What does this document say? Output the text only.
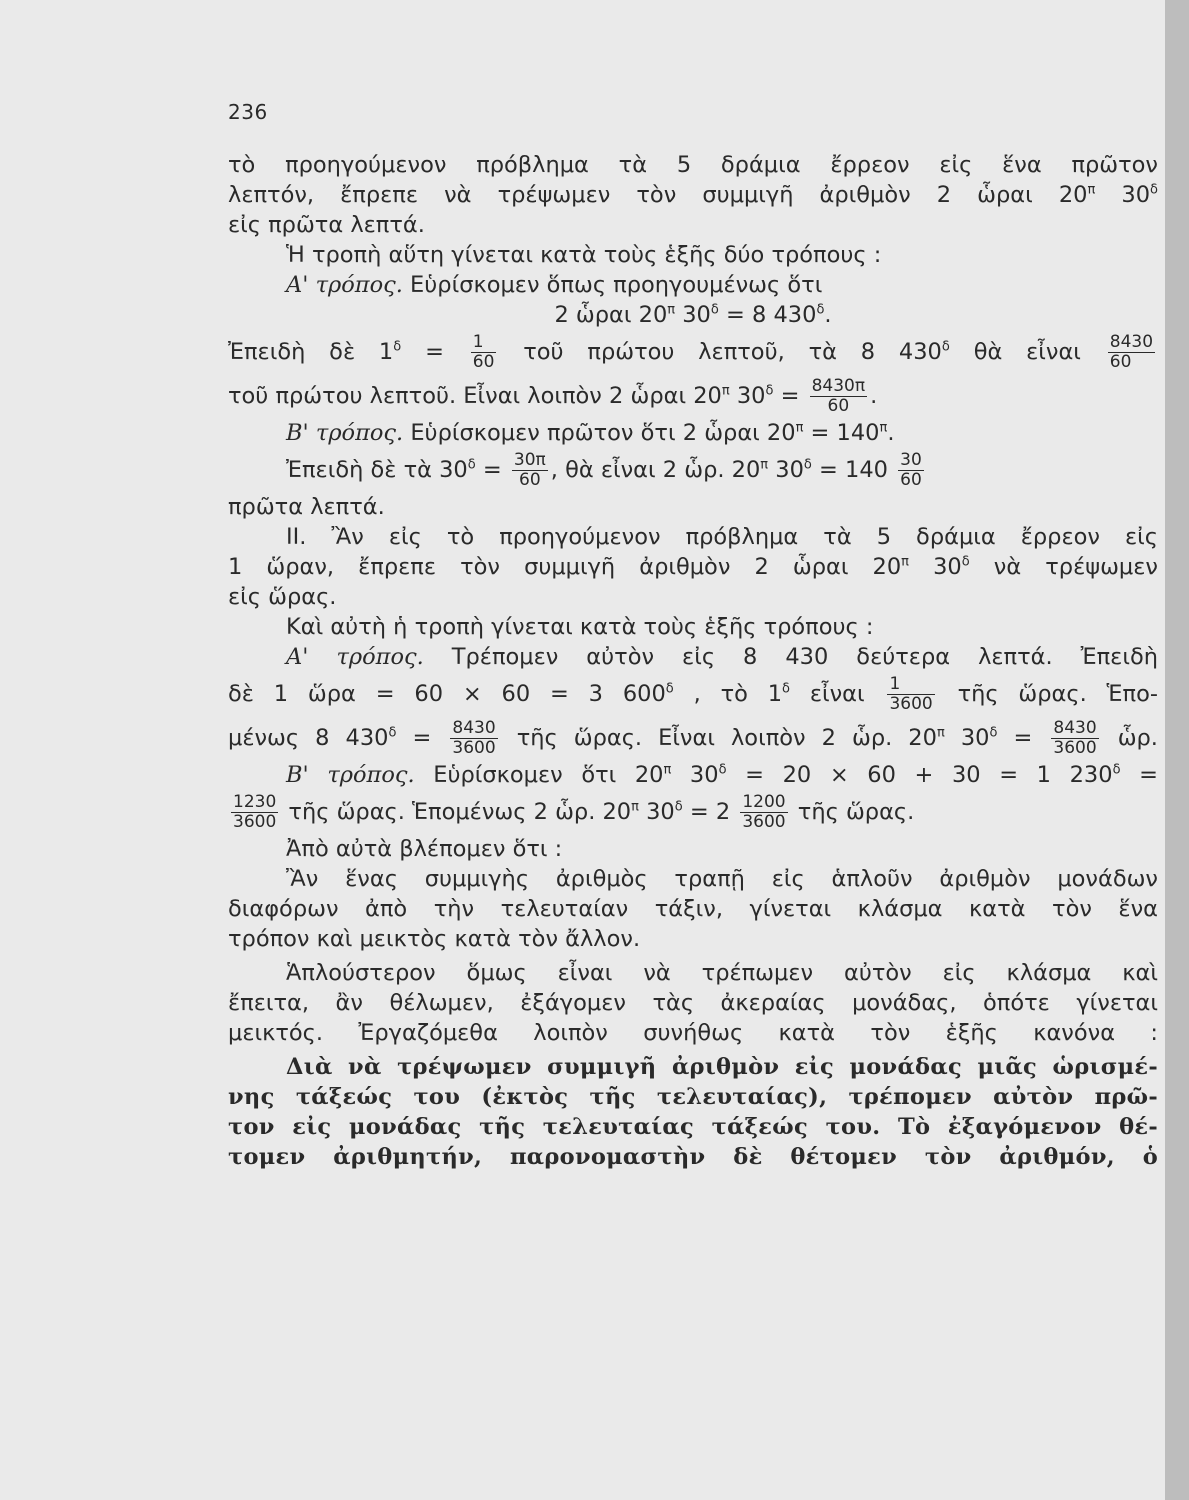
236
τὸ προηγούμενον πρόβλημα τὰ 5 δράμια ἔρρεον εἰς ἕνα πρῶτον
λεπτόν, ἔπρεπε νὰ τρέψωμεν τὸν συμμιγῆ ἀριθμὸν 2 ὧραι $20^\pi$ $30^\delta$
εἰς πρῶτα λεπτά.
Ἡ τροπὴ αὕτη γίνεται κατὰ τοὺς ἑξῆς δύο τρόπους :
Α' τρόπος. Εὑρίσκομεν ὅπως προηγουμένως ὅτι
2 ὧραι $20^\pi$ $30^\delta = 8$ $430^\delta$.
Ἐπειδὴ δὲ $1^\delta = \frac{1}{60}$ τοῦ πρώτου λεπτοῦ, τὰ 8 $430^\delta$ θὰ εἶναι $\frac{8430}{60}$
τοῦ πρώτου λεπτοῦ. Εἶναι λοιπὸν 2 ὧραι $20^\pi$ $30^\delta = \frac{8430\pi}{60}$ .
Β' τρόπος. Εὑρίσκομεν πρῶτον ὅτι 2 ὧραι $20^\pi = 140^\pi$.
Ἐπειδὴ δὲ τὰ $30^\delta = \frac{30\pi}{60}$ , θὰ εἶναι 2 ὧρ. $20^\pi$ $30^\delta = 140 \frac{30}{60}$
πρῶτα λεπτά.
ΙΙ. Ἂν εἰς τὸ προηγούμενον πρόβλημα τὰ 5 δράμια ἔρρεον εἰς
1 ὥραν, ἔπρεπε τὸν συμμιγῆ ἀριθμὸν 2 ὧραι $20^\pi$ $30^\delta$ νὰ τρέψωμεν
εἰς ὥρας.
Καὶ αὐτὴ ἡ τροπὴ γίνεται κατὰ τοὺς ἑξῆς τρόπους :
Α' τρόπος. Τρέπομεν αὐτὸν εἰς 8 430 δεύτερα λεπτά. Ἐπειδὴ
δὲ 1 ὥρα = 60 × 60 = 3 $600^\delta$ , τὸ $1^\delta$ εἶναι $\frac{1}{3600}$ τῆς ὥρας. Ἑπο-
μένως 8 $430^\delta = \frac{8430}{3600}$ τῆς ὥρας. Εἶναι λοιπὸν 2 ὧρ. $20^\pi$ $30^\delta = \frac{8430}{3600}$ ὧρ.
Β' τρόπος. Εὑρίσκομεν ὅτι $20^\pi$ $30^\delta = 20 \times 60 + 30 = 1$ $230^\delta$ =
$\frac{1230}{3600}$ τῆς ὥρας. Ἑπομένως 2 ὧρ. $20^\pi$ $30^\delta = 2 \frac{1200}{3600}$ τῆς ὥρας.
Ἀπὸ αὐτὰ βλέπομεν ὅτι :
Ἂν ἕνας συμμιγὴς ἀριθμὸς τραπῇ εἰς ἁπλοῦν ἀριθμὸν μονάδων
διαφόρων ἀπὸ τὴν τελευταίαν τάξιν, γίνεται κλάσμα κατὰ τὸν ἕνα
τρόπον καὶ μεικτὸς κατὰ τὸν ἄλλον.
Ἁπλούστερον ὅμως εἶναι νὰ τρέπωμεν αὐτὸν εἰς κλάσμα καὶ
ἔπειτα, ἂν θέλωμεν, ἐξάγομεν τὰς ἀκεραίας μονάδας, ὁπότε γίνεται
μεικτός. Ἐργαζόμεθα λοιπὸν συνήθως κατὰ τὸν ἑξῆς κανόνα :
Διὰ νὰ τρέψωμεν συμμιγῆ ἀριθμὸν εἰς μονάδας μιᾶς ὡρισμέ-
νης τάξεώς του (ἐκτὸς τῆς τελευταίας), τρέπομεν αὐτὸν πρῶ-
τον εἰς μονάδας τῆς τελευταίας τάξεώς του. Τὸ ἐξαγόμενον θέ-
τομεν ἀριθμητήν, παρονομαστὴν δὲ θέτομεν τὸν ἀριθμόν, ὁ
